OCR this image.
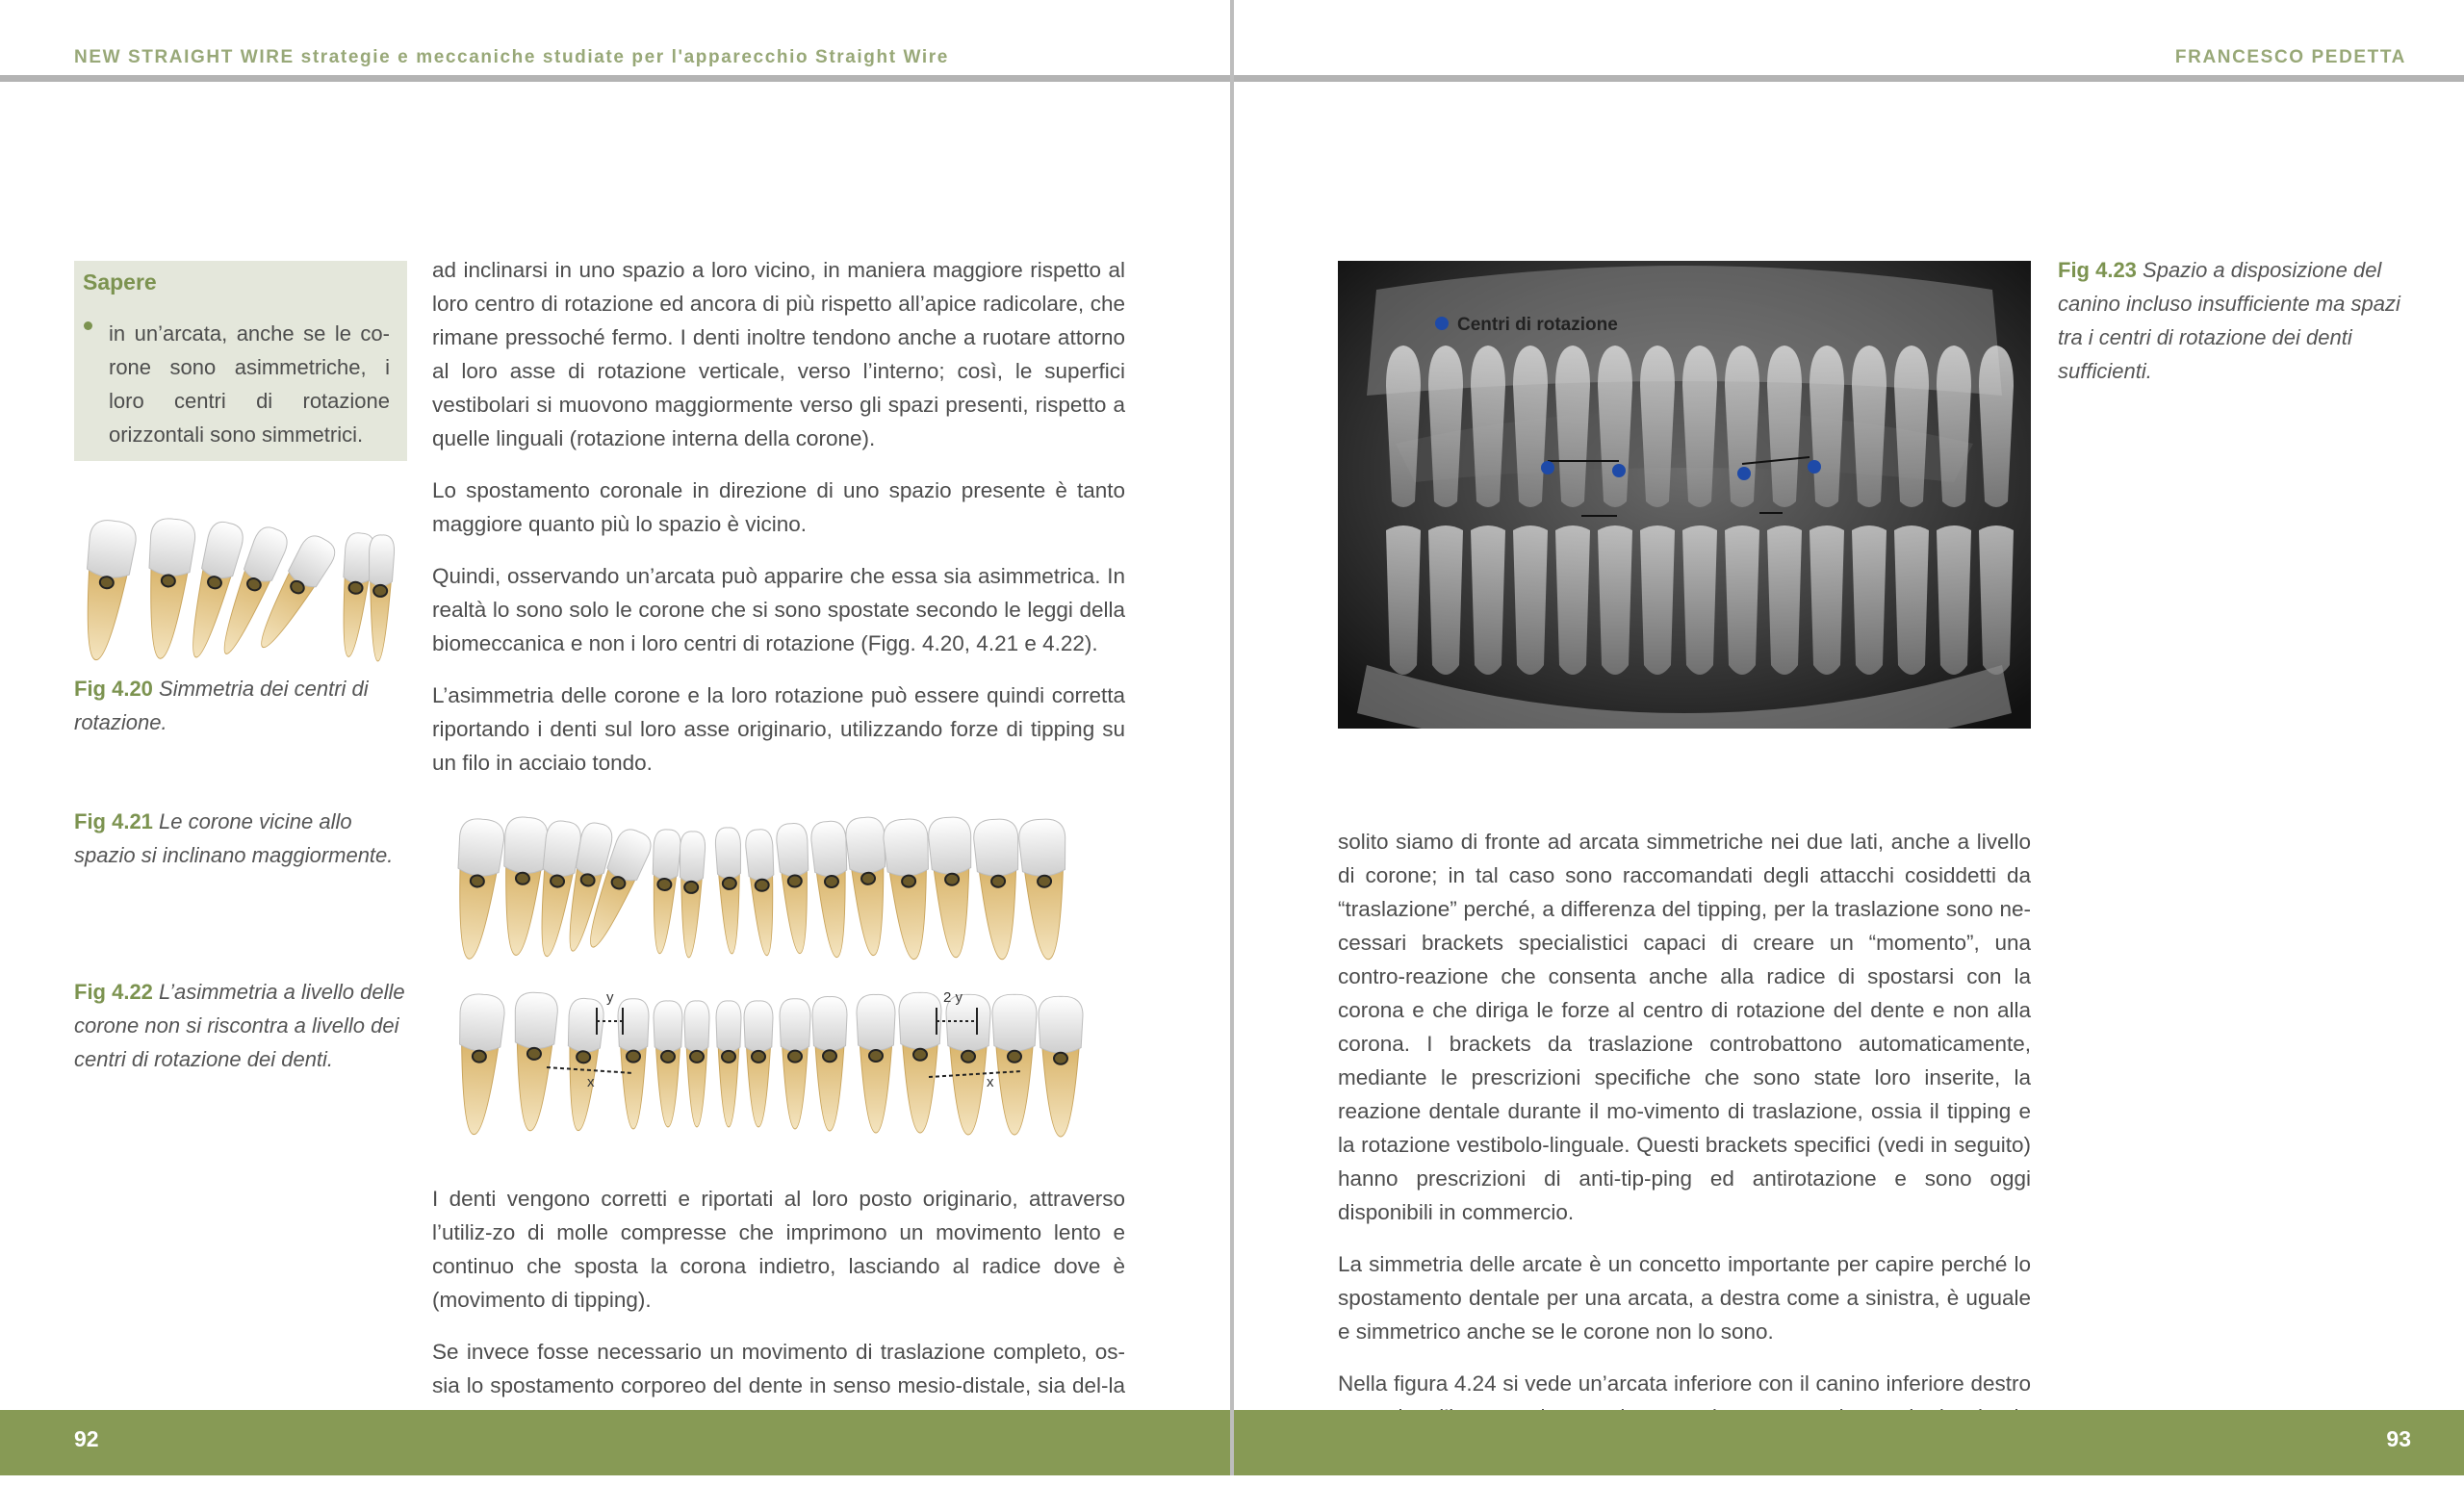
NEW STRAIGHT WIRE strategie e meccaniche studiate per l'apparecchio Straight Wire
Sapere
in un’arcata, anche se le co-rone sono asimmetriche, i loro centri di rotazione orizzontali sono simmetrici.
Fig 4.20 Simmetria dei centri di rotazione.
Fig 4.21 Le corone vicine allo spazio si inclinano maggiormente.
Fig 4.22 L’asimmetria a livello delle corone non si riscontra a livello dei centri di rotazione dei denti.

ad inclinarsi in uno spazio a loro vicino, in maniera maggiore rispetto al loro centro di rotazione ed ancora di più rispetto all’apice radicolare, che rimane pressoché fermo. I denti inoltre tendono anche a ruotare attorno al loro asse di rotazione verticale, verso l’interno; così, le superfici vestibolari si muovono maggiormente verso gli spazi presenti, rispetto a quelle linguali (rotazione interna della corone).

Lo spostamento coronale in direzione di uno spazio presente è tanto maggiore quanto più lo spazio è vicino.

Quindi, osservando un’arcata può apparire che essa sia asimmetrica. In realtà lo sono solo le corone che si sono spostate secondo le leggi della biomeccanica e non i loro centri di rotazione (Figg. 4.20, 4.21 e 4.22).

L’asimmetria delle corone e la loro rotazione può essere quindi corretta riportando i denti sul loro asse originario, utilizzando forze di tipping su un filo in acciaio tondo.

y	2 y
x	x

I denti vengono corretti e riportati al loro posto originario, attraverso l’utiliz-zo di molle compresse che imprimono un movimento lento e continuo che sposta la corona indietro, lasciando al radice dove è (movimento di tipping).

Se invece fosse necessario un movimento di traslazione completo, os-sia lo spostamento corporeo del dente in senso mesio-distale, sia del-la

92
FRANCESCO PEDETTA
Centri di rotazione
Fig 4.23 Spazio a disposizione del canino incluso insufficiente ma spazi tra i centri di rotazione dei denti sufficienti.

solito siamo di fronte ad arcata simmetriche nei due lati, anche a livello di corone; in tal caso sono raccomandati degli attacchi cosiddetti da “traslazione” perché, a differenza del tipping, per la traslazione sono ne-cessari brackets specialistici capaci di creare un “momento”, una contro-reazione che consenta anche alla radice di spostarsi con la corona e che diriga le forze al centro di rotazione del dente e non alla corona. I brackets da traslazione controbattono automaticamente, mediante le prescrizioni specifiche che sono state loro inserite, la reazione dentale durante il mo-vimento di traslazione, ossia il tipping e la rotazione vestibolo-linguale. Questi brackets specifici (vedi in seguito) hanno prescrizioni di anti-tip-ping ed antirotazione e sono oggi disponibili in commercio.

La simmetria delle arcate è un concetto importante per capire perché lo spostamento dentale per una arcata, a destra come a sinistra, è uguale e simmetrico anche se le corone non lo sono.

Nella figura 4.24 si vede un’arcata inferiore con il canino inferiore destro

93
